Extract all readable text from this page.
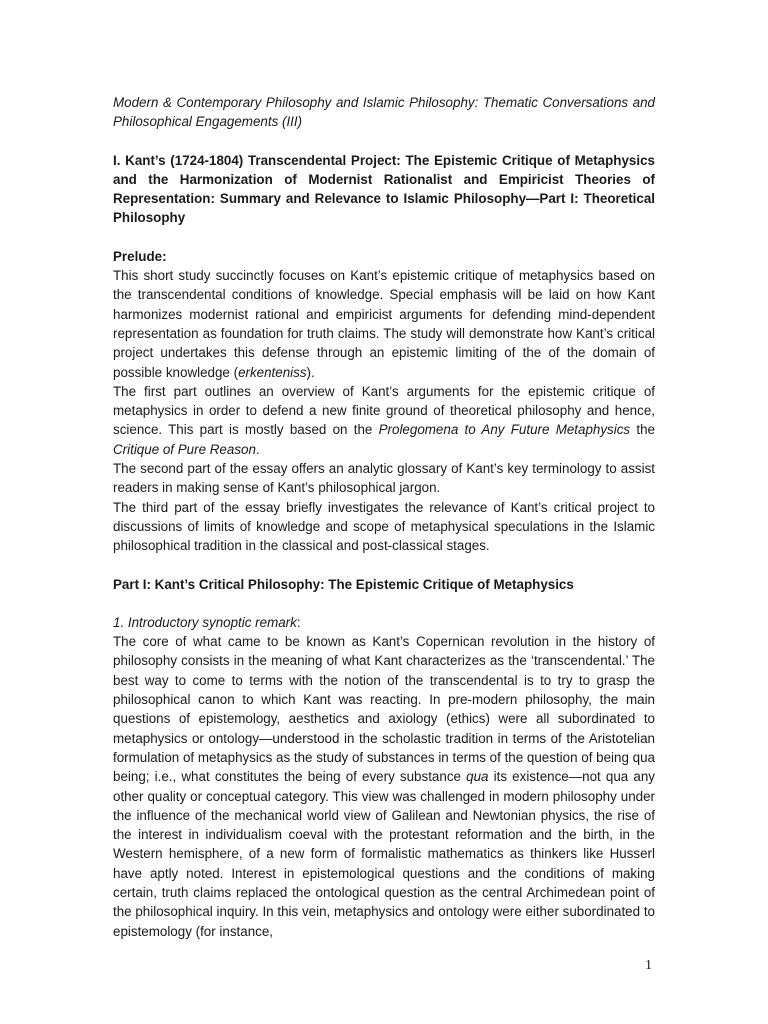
Modern & Contemporary Philosophy and Islamic Philosophy: Thematic Conversations and Philosophical Engagements (III)

I. Kant’s (1724-1804) Transcendental Project: The Epistemic Critique of Metaphysics and the Harmonization of Modernist Rationalist and Empiricist Theories of Representation: Summary and Relevance to Islamic Philosophy—Part I: Theoretical Philosophy

Prelude:

This short study succinctly focuses on Kant’s epistemic critique of metaphysics based on the transcendental conditions of knowledge. Special emphasis will be laid on how Kant harmonizes modernist rational and empiricist arguments for defending mind-dependent representation as foundation for truth claims. The study will demonstrate how Kant’s critical project undertakes this defense through an epistemic limiting of the of the domain of possible knowledge (erkenteniss).

The first part outlines an overview of Kant’s arguments for the epistemic critique of metaphysics in order to defend a new finite ground of theoretical philosophy and hence, science. This part is mostly based on the Prolegomena to Any Future Metaphysics the Critique of Pure Reason.

The second part of the essay offers an analytic glossary of Kant’s key terminology to assist readers in making sense of Kant’s philosophical jargon.

The third part of the essay briefly investigates the relevance of Kant’s critical project to discussions of limits of knowledge and scope of metaphysical speculations in the Islamic philosophical tradition in the classical and post-classical stages.

Part I: Kant’s Critical Philosophy: The Epistemic Critique of Metaphysics

1. Introductory synoptic remark:

The core of what came to be known as Kant’s Copernican revolution in the history of philosophy consists in the meaning of what Kant characterizes as the ‘transcendental.’ The best way to come to terms with the notion of the transcendental is to try to grasp the philosophical canon to which Kant was reacting. In pre-modern philosophy, the main questions of epistemology, aesthetics and axiology (ethics) were all subordinated to metaphysics or ontology—understood in the scholastic tradition in terms of the Aristotelian formulation of metaphysics as the study of substances in terms of the question of being qua being; i.e., what constitutes the being of every substance qua its existence—not qua any other quality or conceptual category. This view was challenged in modern philosophy under the influence of the mechanical world view of Galilean and Newtonian physics, the rise of the interest in individualism coeval with the protestant reformation and the birth, in the Western hemisphere, of a new form of formalistic mathematics as thinkers like Husserl have aptly noted. Interest in epistemological questions and the conditions of making certain, truth claims replaced the ontological question as the central Archimedean point of the philosophical inquiry. In this vein, metaphysics and ontology were either subordinated to epistemology (for instance,

1
